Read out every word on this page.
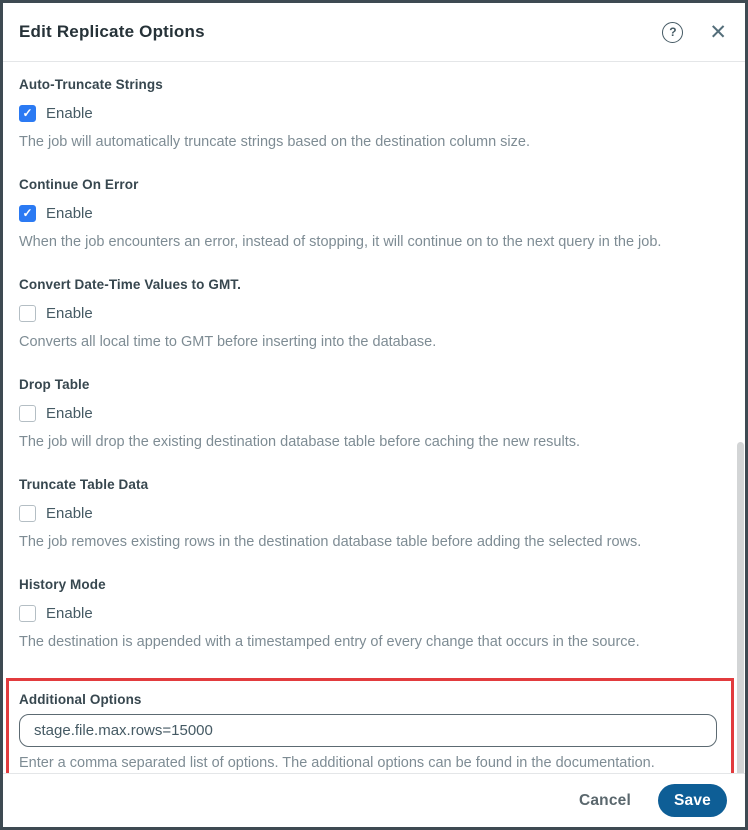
Edit Replicate Options	?	✕
Auto-Truncate Strings
✓ Enable
The job will automatically truncate strings based on the destination column size.
Continue On Error
✓ Enable
When the job encounters an error, instead of stopping, it will continue on to the next query in the job.
Convert Date-Time Values to GMT.
Enable
Converts all local time to GMT before inserting into the database.
Drop Table
Enable
The job will drop the existing destination database table before caching the new results.
Truncate Table Data
Enable
The job removes existing rows in the destination database table before adding the selected rows.
History Mode
Enable
The destination is appended with a timestamped entry of every change that occurs in the source.
Additional Options
stage.file.max.rows=15000
Enter a comma separated list of options. The additional options can be found in the documentation.
Cancel	Save
